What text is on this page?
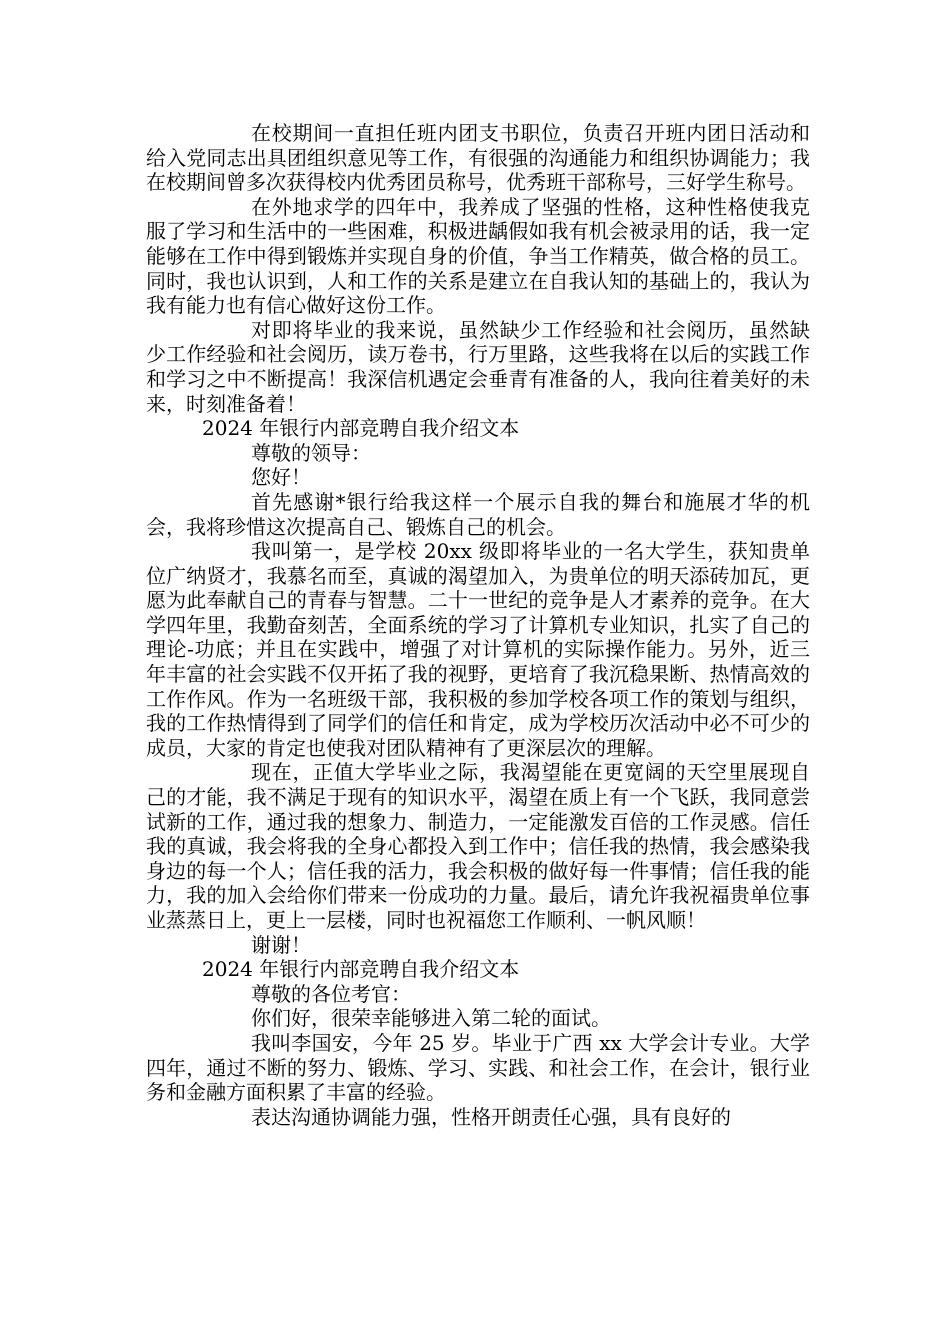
在校期间一直担任班内团支书职位，负责召开班内团日活动和给入党同志出具团组织意见等工作，有很强的沟通能力和组织协调能力；我在校期间曾多次获得校内优秀团员称号，优秀班干部称号，三好学生称号。

在外地求学的四年中，我养成了坚强的性格，这种性格使我克服了学习和生活中的一些困难，积极进龋假如我有机会被录用的话，我一定能够在工作中得到锻炼并实现自身的价值，争当工作精英，做合格的员工。同时，我也认识到，人和工作的关系是建立在自我认知的基础上的，我认为我有能力也有信心做好这份工作。

对即将毕业的我来说，虽然缺少工作经验和社会阅历，虽然缺少工作经验和社会阅历，读万卷书，行万里路，这些我将在以后的实践工作和学习之中不断提高！我深信机遇定会垂青有准备的人，我向往着美好的未来，时刻准备着！

2024 年银行内部竞聘自我介绍文本

尊敬的领导：

您好！

首先感谢*银行给我这样一个展示自我的舞台和施展才华的机会，我将珍惜这次提高自己、锻炼自己的机会。

我叫第一，是学校 20xx 级即将毕业的一名大学生，获知贵单位广纳贤才，我慕名而至，真诚的渴望加入，为贵单位的明天添砖加瓦，更愿为此奉献自己的青春与智慧。二十一世纪的竞争是人才素养的竞争。在大学四年里，我勤奋刻苦，全面系统的学习了计算机专业知识，扎实了自己的理论-功底；并且在实践中，增强了对计算机的实际操作能力。另外，近三年丰富的社会实践不仅开拓了我的视野，更培育了我沉稳果断、热情高效的工作作风。作为一名班级干部，我积极的参加学校各项工作的策划与组织，我的工作热情得到了同学们的信任和肯定，成为学校历次活动中必不可少的成员，大家的肯定也使我对团队精神有了更深层次的理解。

现在，正值大学毕业之际，我渴望能在更宽阔的天空里展现自己的才能，我不满足于现有的知识水平，渴望在质上有一个飞跃，我同意尝试新的工作，通过我的想象力、制造力，一定能激发百倍的工作灵感。信任我的真诚，我会将我的全身心都投入到工作中；信任我的热情，我会感染我身边的每一个人；信任我的活力，我会积极的做好每一件事情；信任我的能力，我的加入会给你们带来一份成功的力量。最后，请允许我祝福贵单位事业蒸蒸日上，更上一层楼，同时也祝福您工作顺利、一帆风顺！

谢谢！

2024 年银行内部竞聘自我介绍文本

尊敬的各位考官：

你们好，很荣幸能够进入第二轮的面试。

我叫李国安，今年 25 岁。毕业于广西 xx 大学会计专业。大学四年，通过不断的努力、锻炼、学习、实践、和社会工作，在会计，银行业务和金融方面积累了丰富的经验。

表达沟通协调能力强，性格开朗责任心强，具有良好的
